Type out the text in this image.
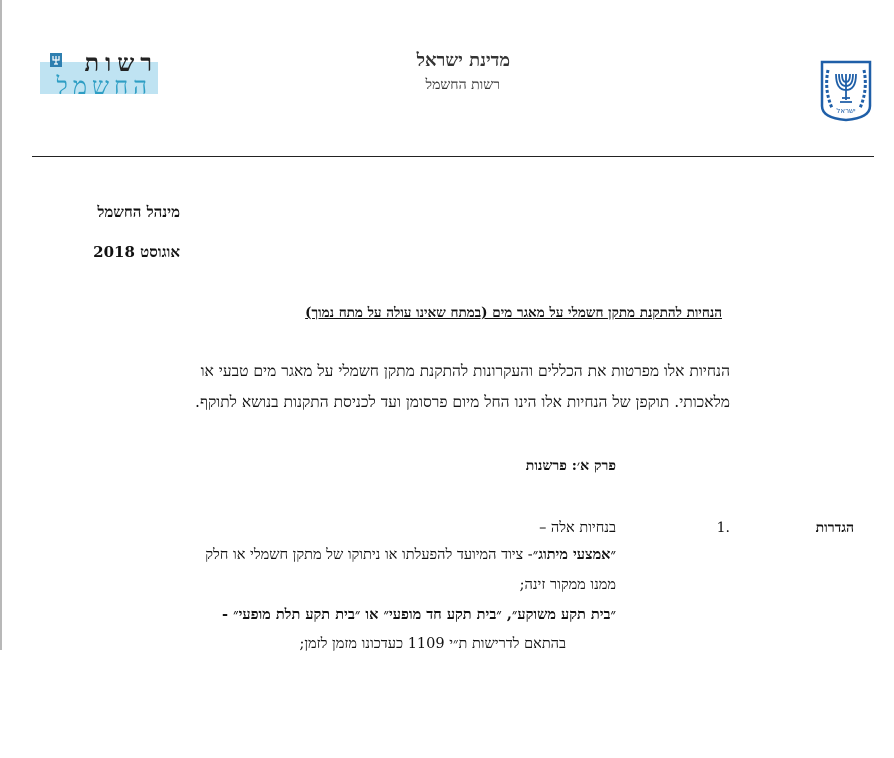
רשות
החשמל
מדינת ישראל
רשות החשמל
ישראל
מינהל החשמל
אוגוסט 2018
הנחיות להתקנת מתקן חשמלי על מאגר מים (במתח שאינו עולה על מתח נמוך)
הנחיות אלו מפרטות את הכללים והעקרונות להתקנת מתקן חשמלי על מאגר מים טבעי או
מלאכותי. תוקפן של הנחיות אלו הינו החל מיום פרסומן ועד לכניסת התקנות בנושא לתוקף.
פרק א׳: פרשנות
הגדרות
1.
בנחיות אלה –
״אמצעי מיתוג״- ציוד המיועד להפעלתו או ניתוקו של מתקן חשמלי או חלק
ממנו ממקור זינה;
״בית תקע משוקע״, ״בית תקע חד מופעי״ או ״בית תקע תלת מופעי״ -
בהתאם לדרישות ת״י 1109 כעדכונו מזמן לזמן;
